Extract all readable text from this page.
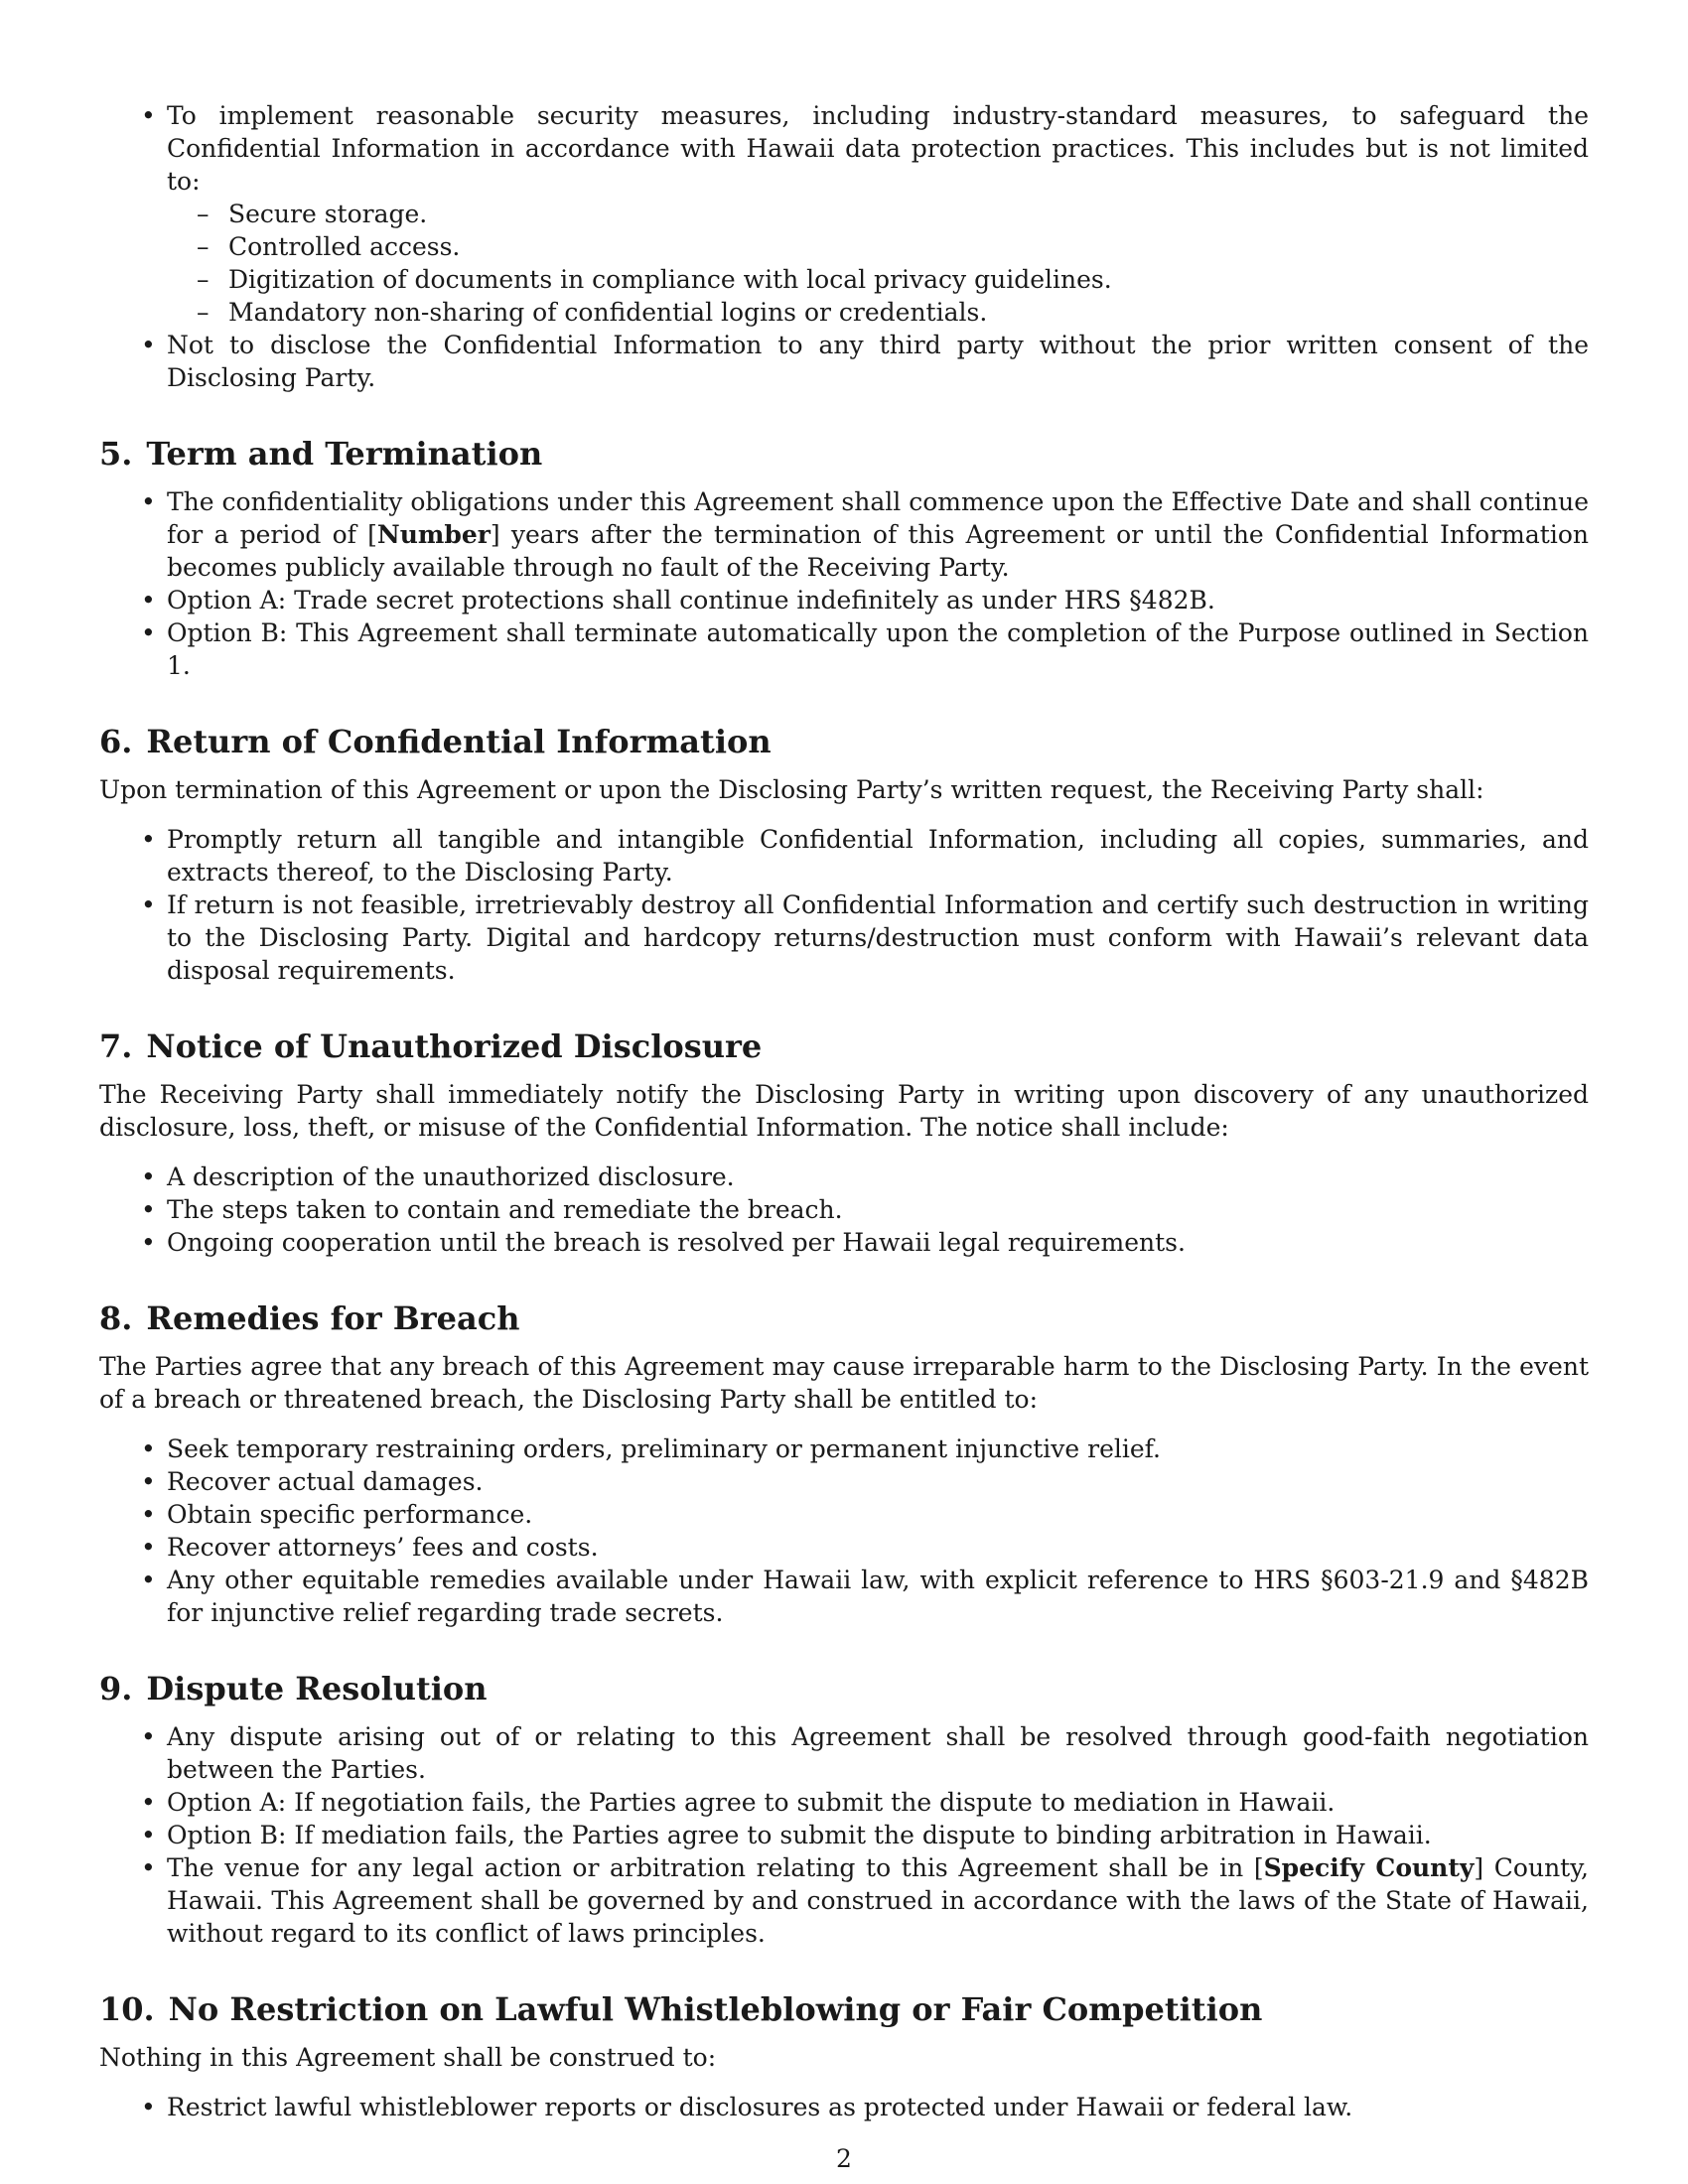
• To implement reasonable security measures, including industry-standard measures, to safeguard the Confidential Information in accordance with Hawaii data protection practices. This includes but is not limited to:
– Secure storage.
– Controlled access.
– Digitization of documents in compliance with local privacy guidelines.
– Mandatory non-sharing of confidential logins or credentials.
• Not to disclose the Confidential Information to any third party without the prior written consent of the Disclosing Party.
5. Term and Termination
• The confidentiality obligations under this Agreement shall commence upon the Effective Date and shall continue for a period of [Number] years after the termination of this Agreement or until the Confidential Information becomes publicly available through no fault of the Receiving Party.
• Option A: Trade secret protections shall continue indefinitely as under HRS §482B.
• Option B: This Agreement shall terminate automatically upon the completion of the Purpose outlined in Section 1.
6. Return of Confidential Information

Upon termination of this Agreement or upon the Disclosing Party’s written request, the Receiving Party shall:

• Promptly return all tangible and intangible Confidential Information, including all copies, summaries, and extracts thereof, to the Disclosing Party.
• If return is not feasible, irretrievably destroy all Confidential Information and certify such destruction in writing to the Disclosing Party. Digital and hardcopy returns/destruction must conform with Hawaii’s relevant data disposal requirements.
7. Notice of Unauthorized Disclosure

The Receiving Party shall immediately notify the Disclosing Party in writing upon discovery of any unauthorized disclosure, loss, theft, or misuse of the Confidential Information. The notice shall include:

• A description of the unauthorized disclosure.
• The steps taken to contain and remediate the breach.
• Ongoing cooperation until the breach is resolved per Hawaii legal requirements.
8. Remedies for Breach

The Parties agree that any breach of this Agreement may cause irreparable harm to the Disclosing Party. In the event of a breach or threatened breach, the Disclosing Party shall be entitled to:

• Seek temporary restraining orders, preliminary or permanent injunctive relief.
• Recover actual damages.
• Obtain specific performance.
• Recover attorneys’ fees and costs.
• Any other equitable remedies available under Hawaii law, with explicit reference to HRS §603-21.9 and §482B for injunctive relief regarding trade secrets.
9. Dispute Resolution
• Any dispute arising out of or relating to this Agreement shall be resolved through good-faith negotiation between the Parties.
• Option A: If negotiation fails, the Parties agree to submit the dispute to mediation in Hawaii.
• Option B: If mediation fails, the Parties agree to submit the dispute to binding arbitration in Hawaii.
• The venue for any legal action or arbitration relating to this Agreement shall be in [Specify County] County, Hawaii. This Agreement shall be governed by and construed in accordance with the laws of the State of Hawaii, without regard to its conflict of laws principles.
10. No Restriction on Lawful Whistleblowing or Fair Competition

Nothing in this Agreement shall be construed to:

• Restrict lawful whistleblower reports or disclosures as protected under Hawaii or federal law.
2
